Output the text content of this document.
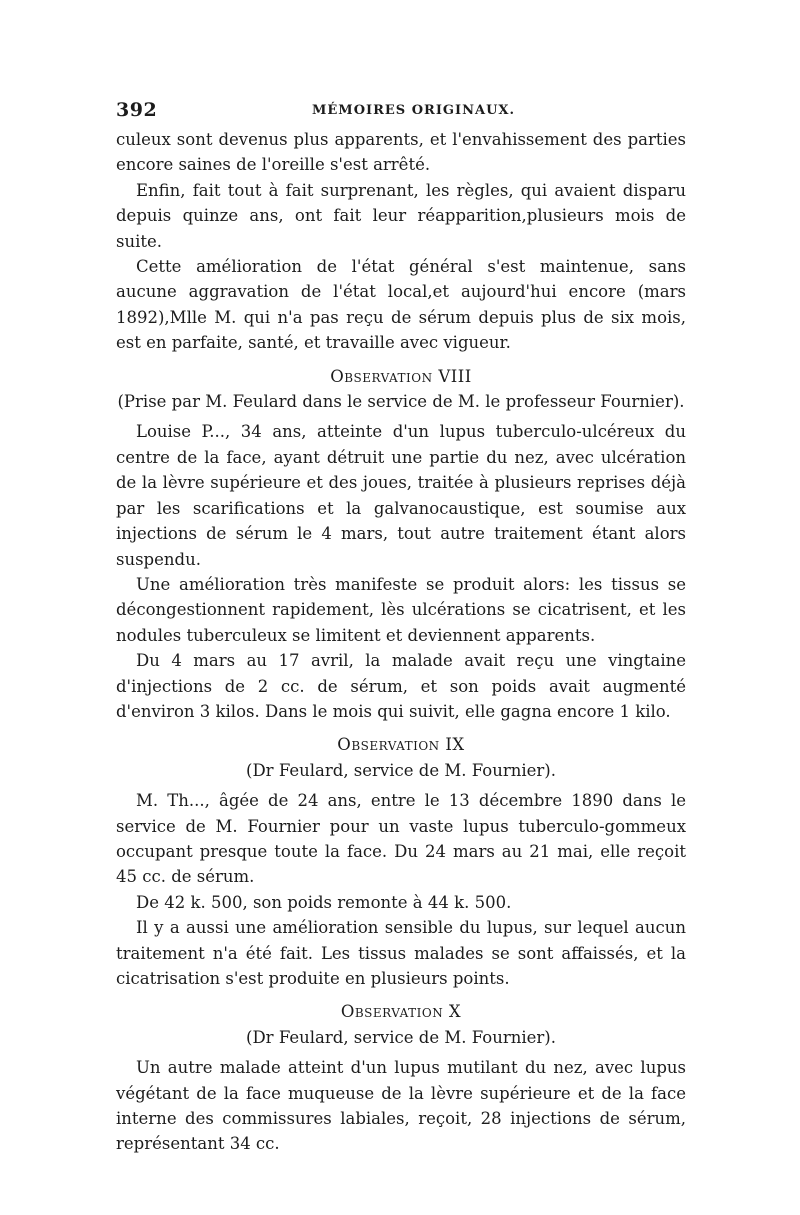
392	MÉMOIRES ORIGINAUX.

culeux sont devenus plus apparents, et l'envahissement des parties encore saines de l'oreille s'est arrêté.

Enfin, fait tout à fait surprenant, les règles, qui avaient disparu depuis quinze ans, ont fait leur réapparition,plusieurs mois de suite.

Cette amélioration de l'état général s'est maintenue, sans aucune aggravation de l'état local,et aujourd'hui encore (mars 1892),Mlle M. qui n'a pas reçu de sérum depuis plus de six mois, est en parfaite, santé, et travaille avec vigueur.

Observation VIII
(Prise par M. Feulard dans le service de M. le professeur Fournier).

Louise P..., 34 ans, atteinte d'un lupus tuberculo-ulcéreux du centre de la face, ayant détruit une partie du nez, avec ulcération de la lèvre supérieure et des joues, traitée à plusieurs reprises déjà par les scarifications et la galvanocaustique, est soumise aux injections de sérum le 4 mars, tout autre traitement étant alors suspendu.

Une amélioration très manifeste se produit alors: les tissus se décongestionnent rapidement, lès ulcérations se cicatrisent, et les nodules tuberculeux se limitent et deviennent apparents.

Du 4 mars au 17 avril, la malade avait reçu une vingtaine d'injections de 2 cc. de sérum, et son poids avait augmenté d'environ 3 kilos. Dans le mois qui suivit, elle gagna encore 1 kilo.

Observation IX
(Dr Feulard, service de M. Fournier).

M. Th..., âgée de 24 ans, entre le 13 décembre 1890 dans le service de M. Fournier pour un vaste lupus tuberculo-gommeux occupant presque toute la face. Du 24 mars au 21 mai, elle reçoit 45 cc. de sérum.

De 42 k. 500, son poids remonte à 44 k. 500.

Il y a aussi une amélioration sensible du lupus, sur lequel aucun traitement n'a été fait. Les tissus malades se sont affaissés, et la cicatrisation s'est produite en plusieurs points.

Observation X
(Dr Feulard, service de M. Fournier).

Un autre malade atteint d'un lupus mutilant du nez, avec lupus végétant de la face muqueuse de la lèvre supérieure et de la face interne des commissures labiales, reçoit, 28 injections de sérum, représentant 34 cc.
